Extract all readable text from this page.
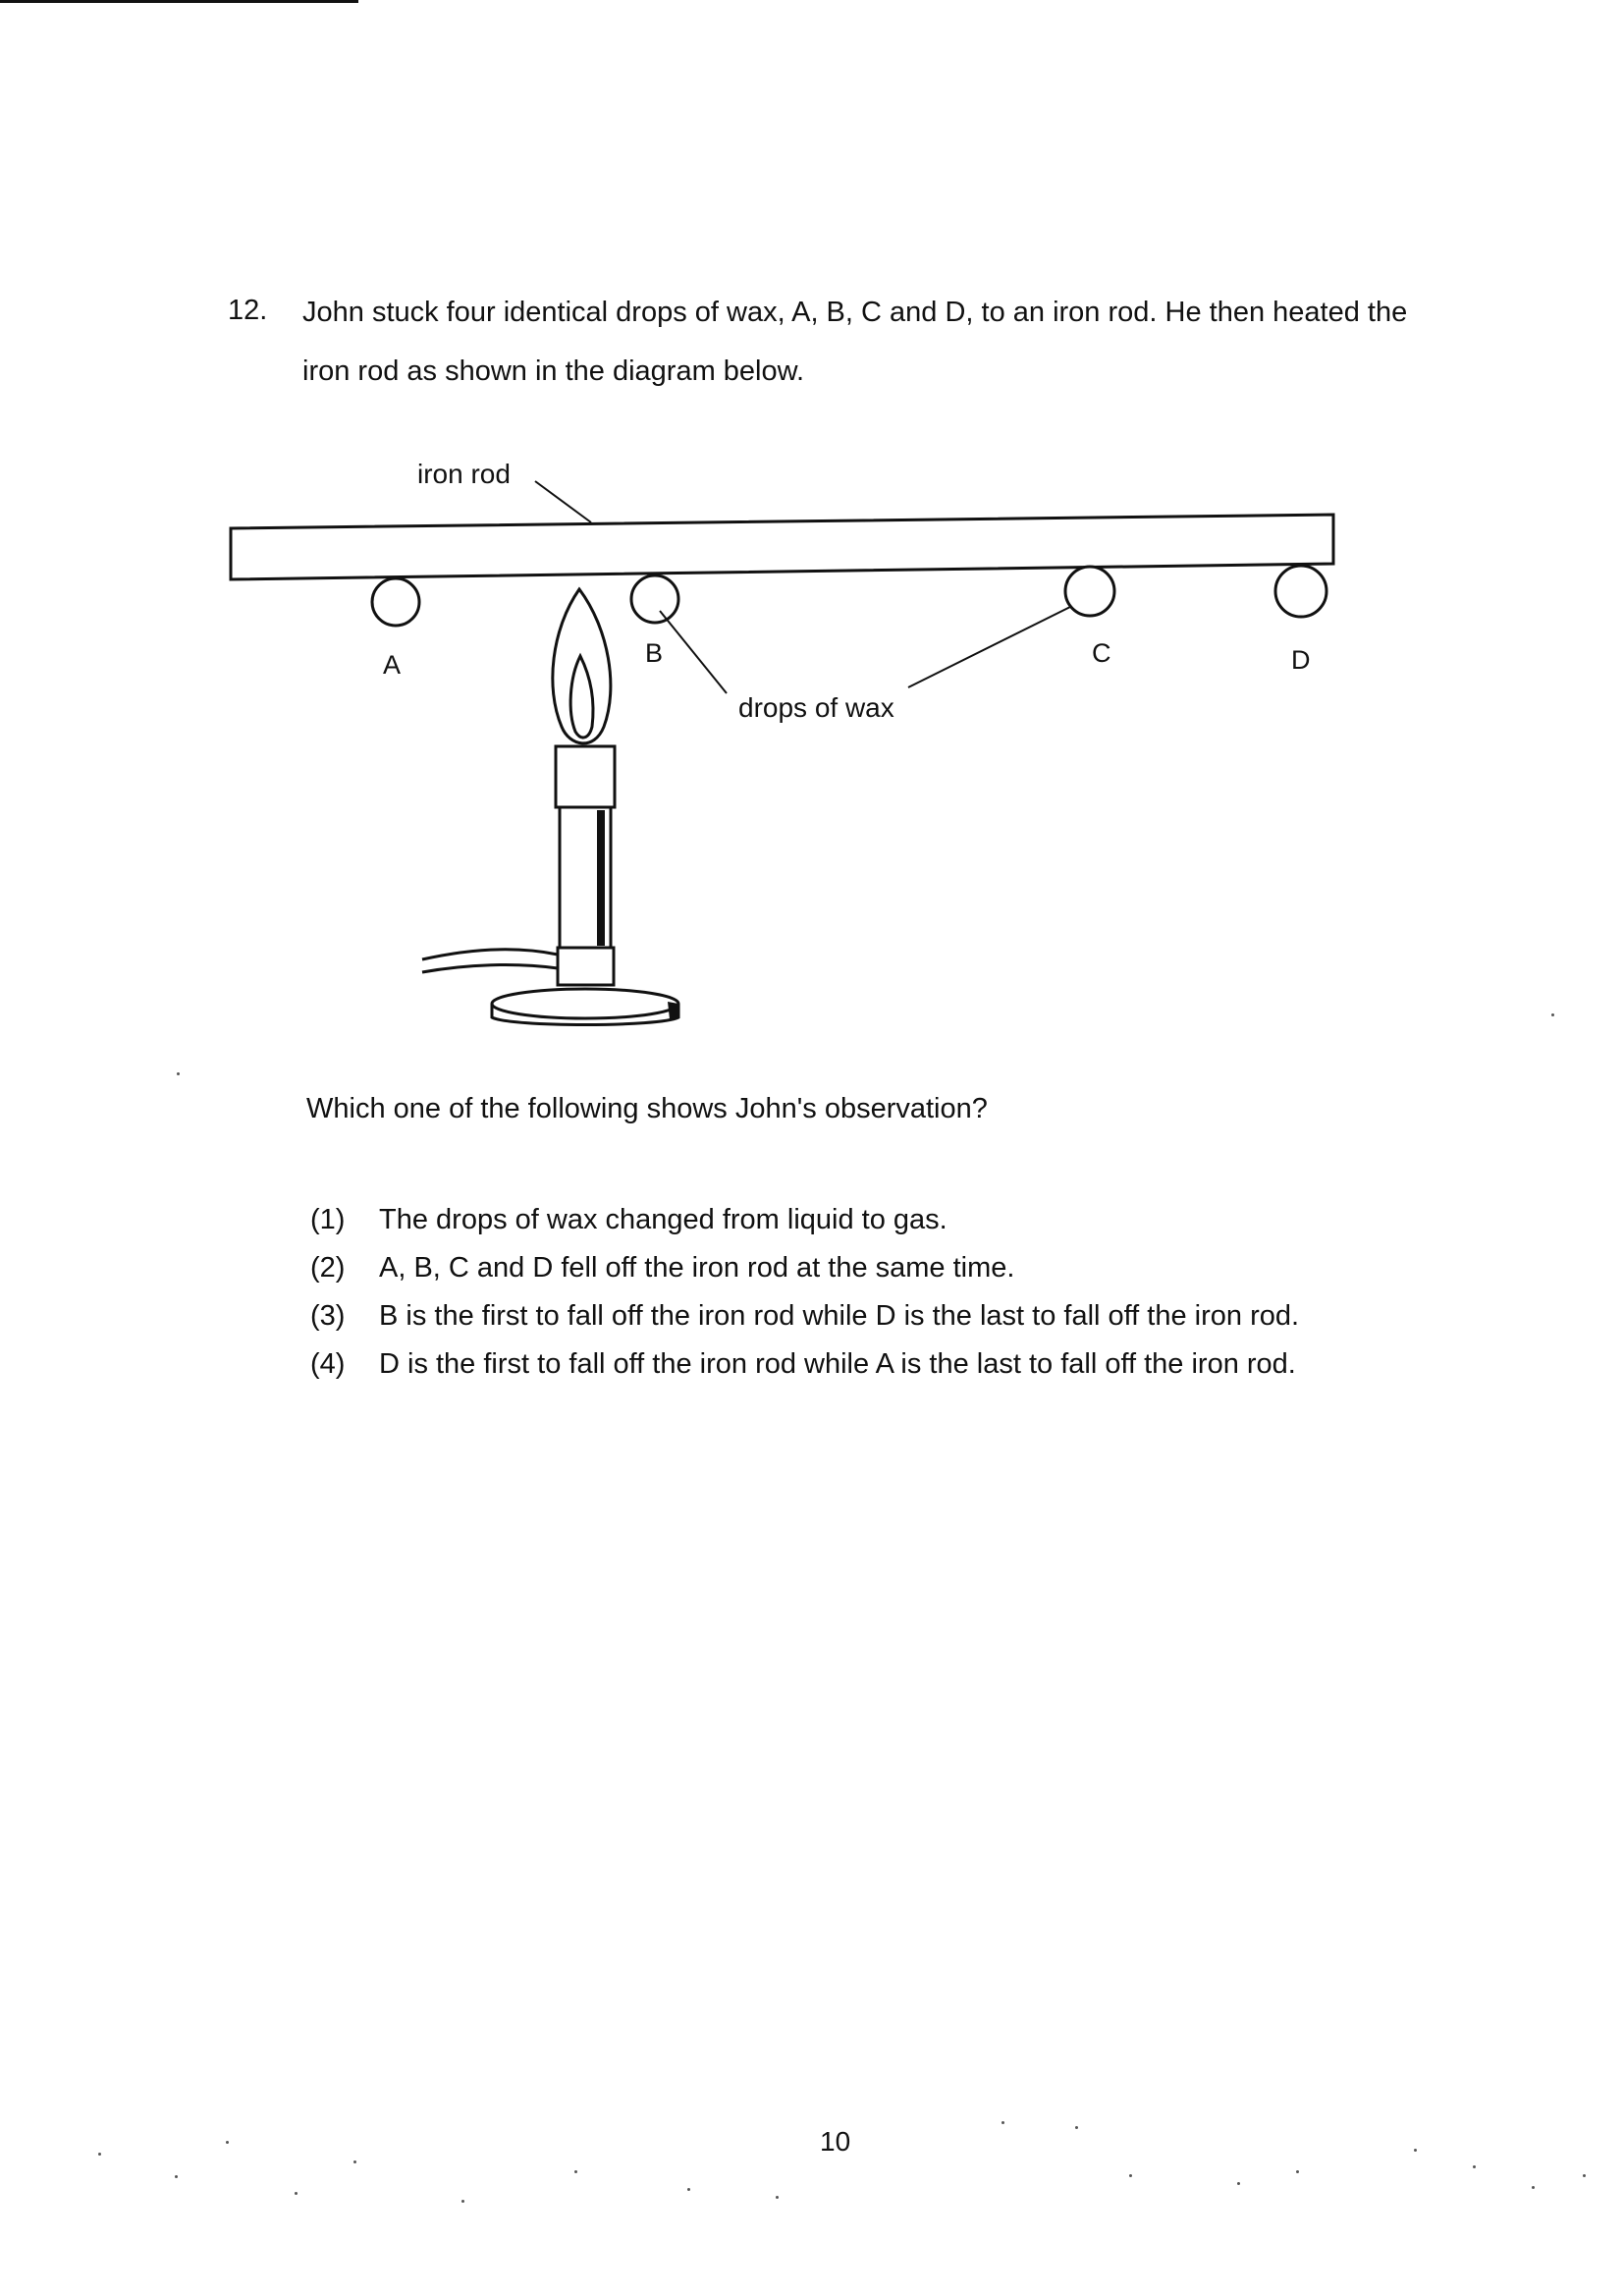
12. John stuck four identical drops of wax, A, B, C and D, to an iron rod. He then heated the iron rod as shown in the diagram below.
iron rod
A	B	C	D
drops of wax
Which one of the following shows John's observation?
(1)	The drops of wax changed from liquid to gas.
(2)	A, B, C and D fell off the iron rod at the same time.
(3)	B is the first to fall off the iron rod while D is the last to fall off the iron rod.
(4)	D is the first to fall off the iron rod while A is the last to fall off the iron rod.
10
